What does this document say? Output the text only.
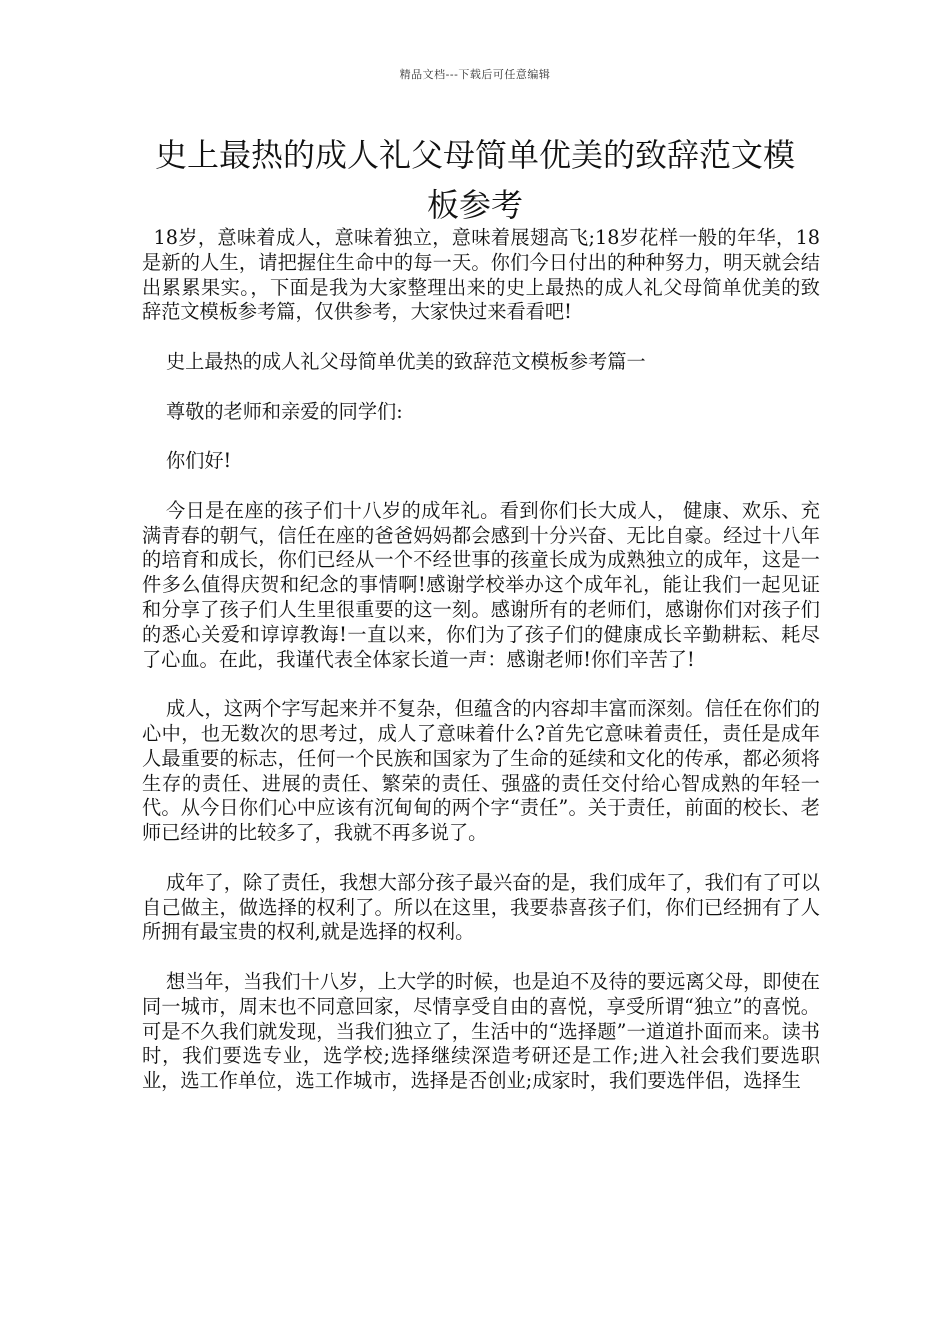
精品文档---下载后可任意编辑
史上最热的成人礼父母简单优美的致辞范文模板参考

18岁，意味着成人，意味着独立，意味着展翅高飞;18岁花样一般的年华，18是新的人生，请把握住生命中的每一天。你们今日付出的种种努力，明天就会结出累累果实。，下面是我为大家整理出来的史上最热的成人礼父母简单优美的致辞范文模板参考篇，仅供参考，大家快过来看看吧!

史上最热的成人礼父母简单优美的致辞范文模板参考篇一

尊敬的老师和亲爱的同学们:

你们好!

今日是在座的孩子们十八岁的成年礼。看到你们长大成人， 健康、欢乐、充满青春的朝气，信任在座的爸爸妈妈都会感到十分兴奋、无比自豪。经过十八年的培育和成长，你们已经从一个不经世事的孩童长成为成熟独立的成年，这是一件多么值得庆贺和纪念的事情啊!感谢学校举办这个成年礼，能让我们一起见证和分享了孩子们人生里很重要的这一刻。感谢所有的老师们，感谢你们对孩子们的悉心关爱和谆谆教诲!一直以来，你们为了孩子们的健康成长辛勤耕耘、耗尽了心血。在此，我谨代表全体家长道一声：感谢老师!你们辛苦了!

成人，这两个字写起来并不复杂，但蕴含的内容却丰富而深刻。信任在你们的心中，也无数次的思考过，成人了意味着什么?首先它意味着责任，责任是成年人最重要的标志，任何一个民族和国家为了生命的延续和文化的传承，都必须将生存的责任、进展的责任、繁荣的责任、强盛的责任交付给心智成熟的年轻一代。从今日你们心中应该有沉甸甸的两个字“责任”。关于责任，前面的校长、老师已经讲的比较多了，我就不再多说了。

成年了，除了责任，我想大部分孩子最兴奋的是，我们成年了，我们有了可以自己做主，做选择的权利了。所以在这里，我要恭喜孩子们，你们已经拥有了人所拥有最宝贵的权利,就是选择的权利。

想当年，当我们十八岁，上大学的时候，也是迫不及待的要远离父母，即使在同一城市，周末也不同意回家，尽情享受自由的喜悦，享受所谓“独立”的喜悦。可是不久我们就发现，当我们独立了，生活中的“选择题”一道道扑面而来。读书时，我们要选专业，选学校;选择继续深造考研还是工作;进入社会我们要选职业，选工作单位，选工作城市，选择是否创业;成家时，我们要选伴侣，选择生
